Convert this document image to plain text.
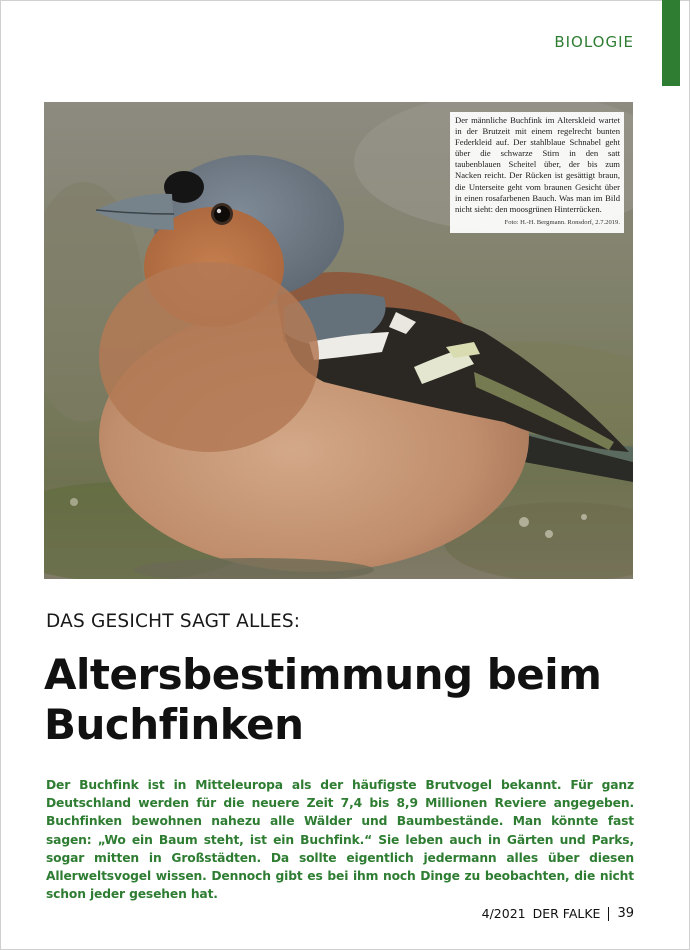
BIOLOGIE
Der männliche Buchfink im Alterskleid wartet in der Brutzeit mit einem regelrecht bunten Federkleid auf. Der stahlblaue Schnabel geht über die schwarze Stirn in den satt taubenblauen Scheitel über, der bis zum Nacken reicht. Der Rücken ist gesättigt braun, die Unterseite geht vom braunen Gesicht über in einen rosafarbenen Bauch. Was man im Bild nicht sieht: den moosgrünen Hinterrücken.
Foto: H.-H. Bergmann. Ronsdorf, 2.7.2019.
DAS GESICHT SAGT ALLES:
Altersbestimmung beim
Buchfinken

Der Buchfink ist in Mitteleuropa als der häufigste Brutvogel bekannt. Für ganz Deutschland werden für die neuere Zeit 7,4 bis 8,9 Millionen Reviere angegeben. Buchfinken bewohnen nahezu alle Wälder und Baumbestände. Man könnte fast sagen: „Wo ein Baum steht, ist ein Buchfink.“ Sie leben auch in Gärten und Parks, sogar mitten in Großstädten. Da sollte eigentlich jedermann alles über diesen Allerweltsvogel wissen. Dennoch gibt es bei ihm noch Dinge zu beobachten, die nicht schon jeder gesehen hat.

4/2021 DER FALKE 39
